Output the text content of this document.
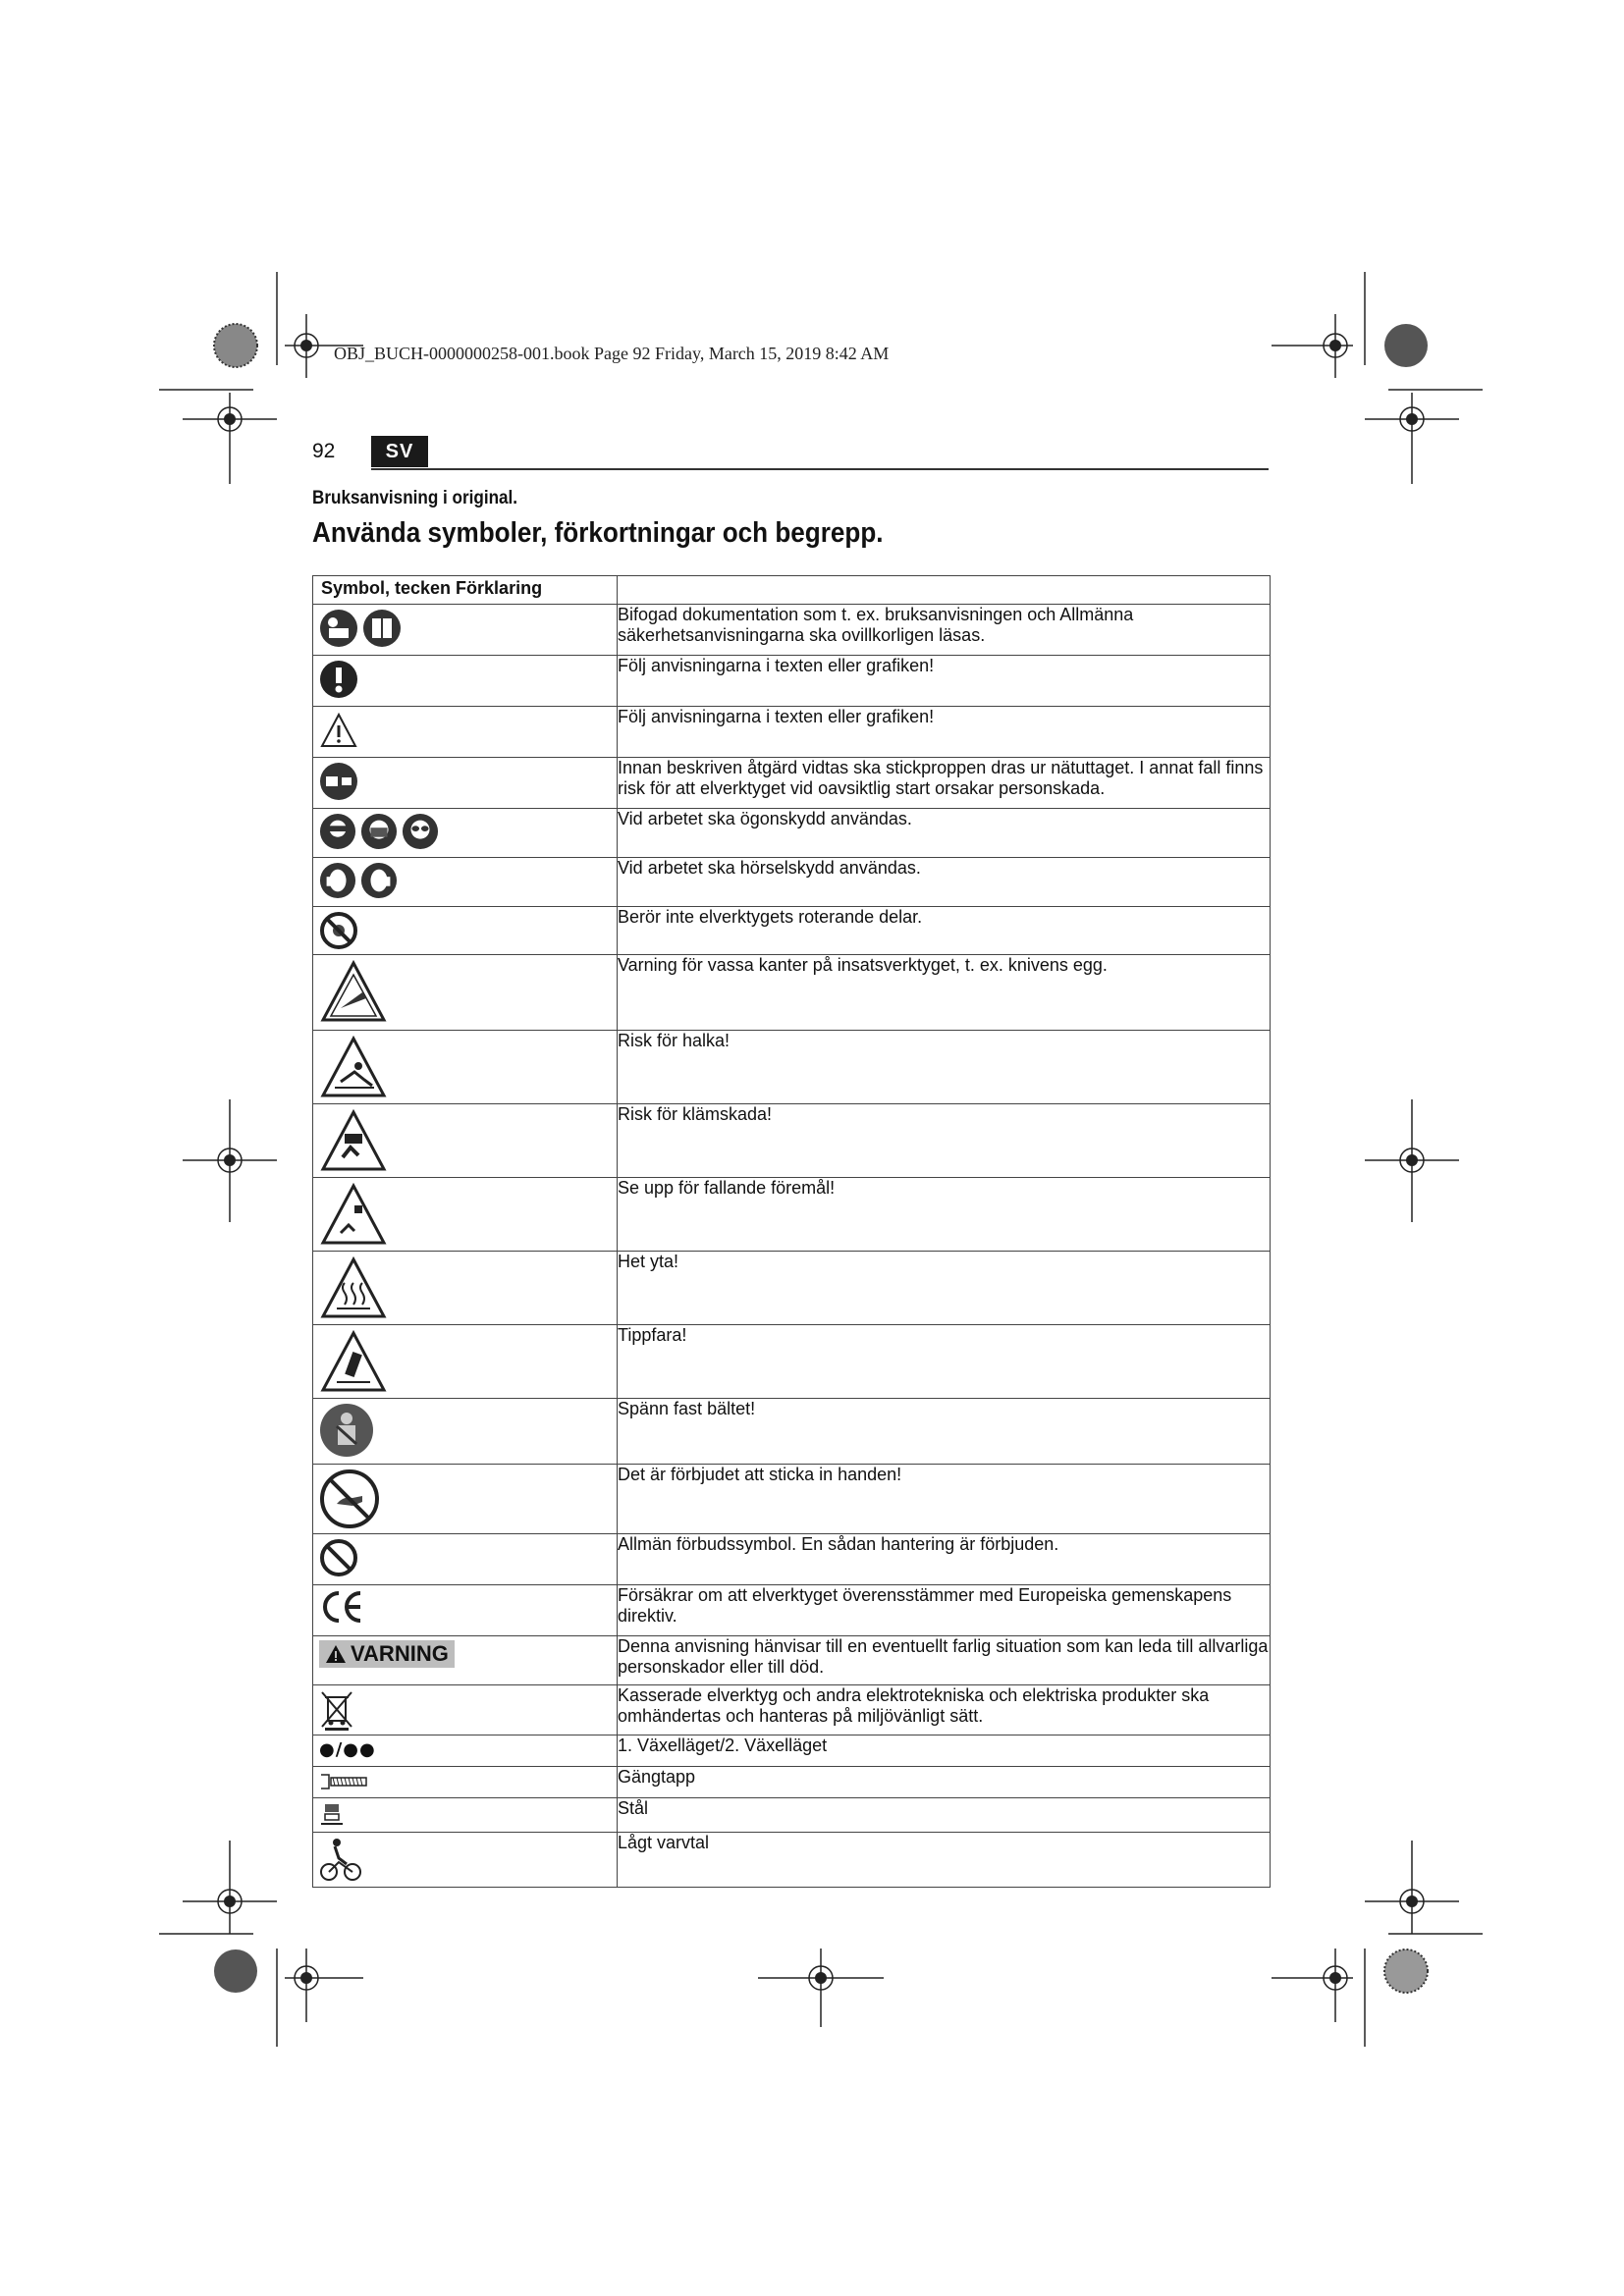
OBJ_BUCH-0000000258-001.book Page 92 Friday, March 15, 2019 8:42 AM
92	SV
Bruksanvisning i original.
Använda symboler, förkortningar och begrepp.
Symbol, tecken Förklaring	

	Bifogad dokumentation som t. ex. bruksanvisningen och Allmänna säkerhetsanvisningarna ska ovillkorligen läsas.

	Följ anvisningarna i texten eller grafiken!

	Följ anvisningarna i texten eller grafiken!

	Innan beskriven åtgärd vidtas ska stickproppen dras ur nätuttaget. I annat fall finns risk för att elverktyget vid oavsiktlig start orsakar personskada.

	Vid arbetet ska ögonskydd användas.

	Vid arbetet ska hörselskydd användas.

	Berör inte elverktygets roterande delar.

	Varning för vassa kanter på insatsverktyget, t. ex. knivens egg.

	Risk för halka!

	Risk för klämskada!

	Se upp för fallande föremål!

	Het yta!

	Tippfara!

	Spänn fast bältet!

	Det är förbjudet att sticka in handen!

	Allmän förbudssymbol. En sådan hantering är förbjuden.

	Försäkrar om att elverktyget överensstämmer med Europeiska gemenskapens direktiv.

VARNING	Denna anvisning hänvisar till en eventuellt farlig situation som kan leda till allvarliga personskador eller till död.

	Kasserade elverktyg och andra elektrotekniska och elektriska produkter ska omhändertas och hanteras på miljövänligt sätt.

●/●●	1. Växelläget/2. Växelläget

	Gängtapp

	Stål

	Lågt varvtal
